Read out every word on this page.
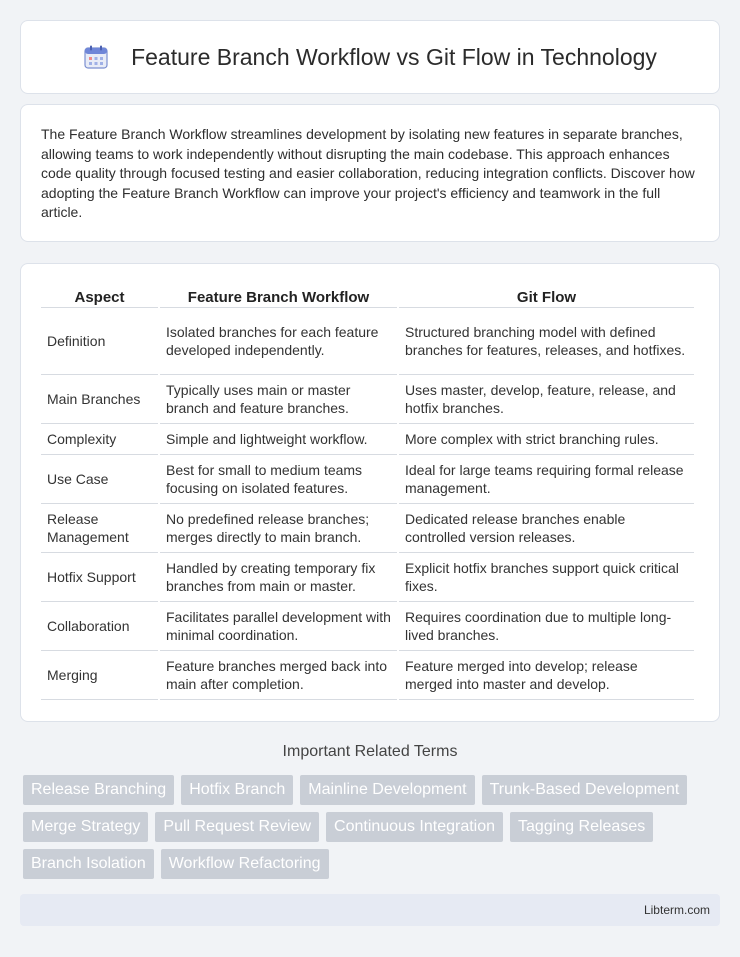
Feature Branch Workflow vs Git Flow in Technology

The Feature Branch Workflow streamlines development by isolating new features in separate branches, allowing teams to work independently without disrupting the main codebase. This approach enhances code quality through focused testing and easier collaboration, reducing integration conflicts. Discover how adopting the Feature Branch Workflow can improve your project's efficiency and teamwork in the full article.

Aspect	Feature Branch Workflow	Git Flow
Definition	Isolated branches for each feature developed independently.	Structured branching model with defined branches for features, releases, and hotfixes.
Main Branches	Typically uses main or master branch and feature branches.	Uses master, develop, feature, release, and hotfix branches.
Complexity	Simple and lightweight workflow.	More complex with strict branching rules.
Use Case	Best for small to medium teams focusing on isolated features.	Ideal for large teams requiring formal release management.
Release Management	No predefined release branches; merges directly to main branch.	Dedicated release branches enable controlled version releases.
Hotfix Support	Handled by creating temporary fix branches from main or master.	Explicit hotfix branches support quick critical fixes.
Collaboration	Facilitates parallel development with minimal coordination.	Requires coordination due to multiple long-lived branches.
Merging	Feature branches merged back into main after completion.	Feature merged into develop; release merged into master and develop.
Important Related Terms
Release Branching	Hotfix Branch	Mainline Development	Trunk-Based Development
Merge Strategy	Pull Request Review	Continuous Integration	Tagging Releases
Branch Isolation	Workflow Refactoring
Libterm.com
